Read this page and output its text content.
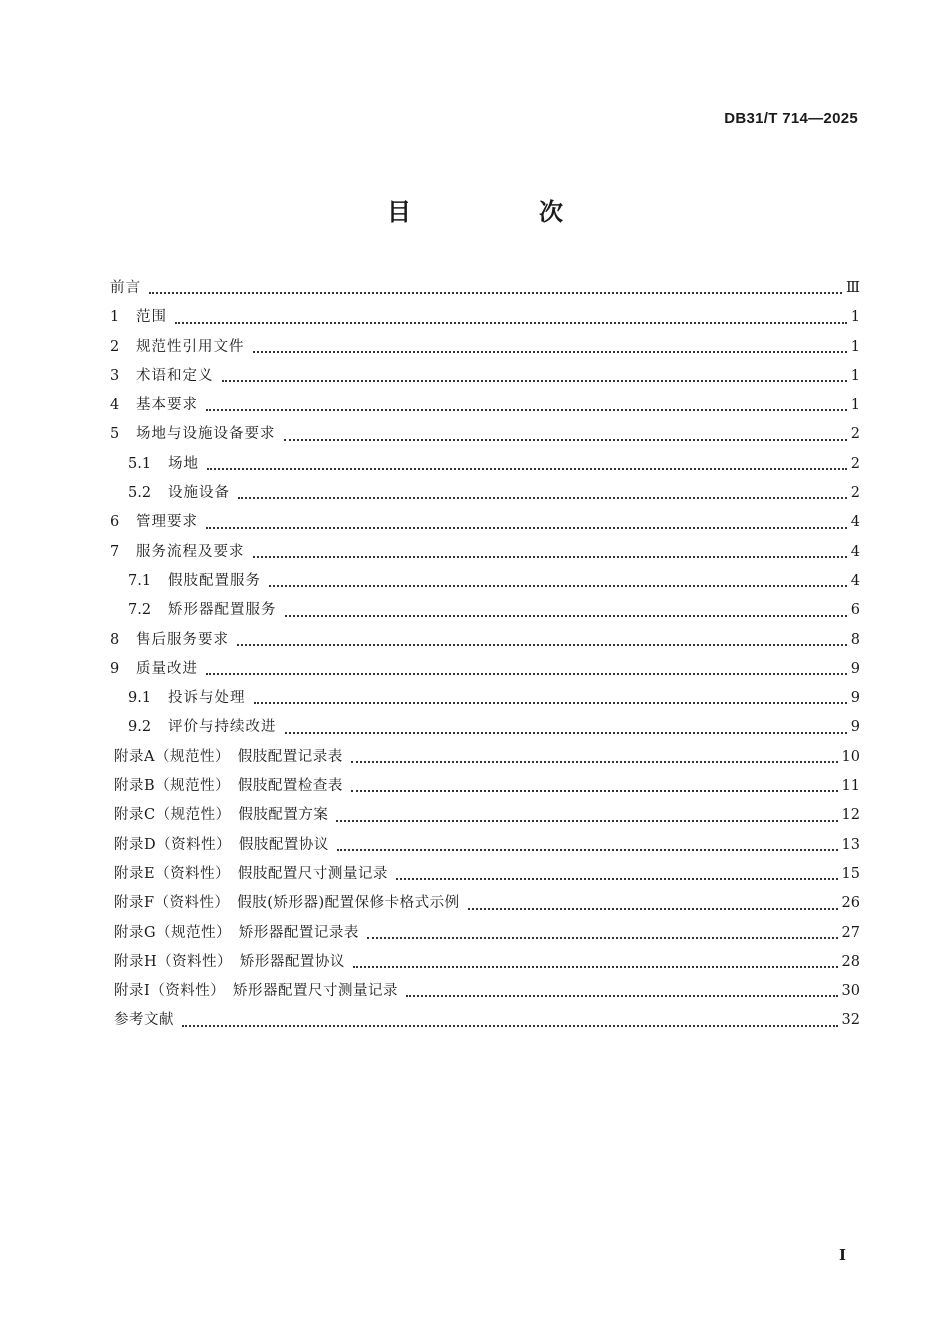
DB31/T 714—2025
目　次
前言	Ⅲ
1	范围	1
2	规范性引用文件	1
3	术语和定义	1
4	基本要求	1
5	场地与设施设备要求	2
5.1	场地	2
5.2	设施设备	2
6	管理要求	4
7	服务流程及要求	4
7.1	假肢配置服务	4
7.2	矫形器配置服务	6
8	售后服务要求	8
9	质量改进	9
9.1	投诉与处理	9
9.2	评价与持续改进	9
附录A（规范性）　假肢配置记录表	10
附录B（规范性）　假肢配置检查表	11
附录C（规范性）　假肢配置方案	12
附录D（资料性）　假肢配置协议	13
附录E（资料性）　假肢配置尺寸测量记录	15
附录F（资料性）　假肢(矫形器)配置保修卡格式示例	26
附录G（规范性）　矫形器配置记录表	27
附录H（资料性）　矫形器配置协议	28
附录I（资料性）　矫形器配置尺寸测量记录	30
参考文献	32
I
